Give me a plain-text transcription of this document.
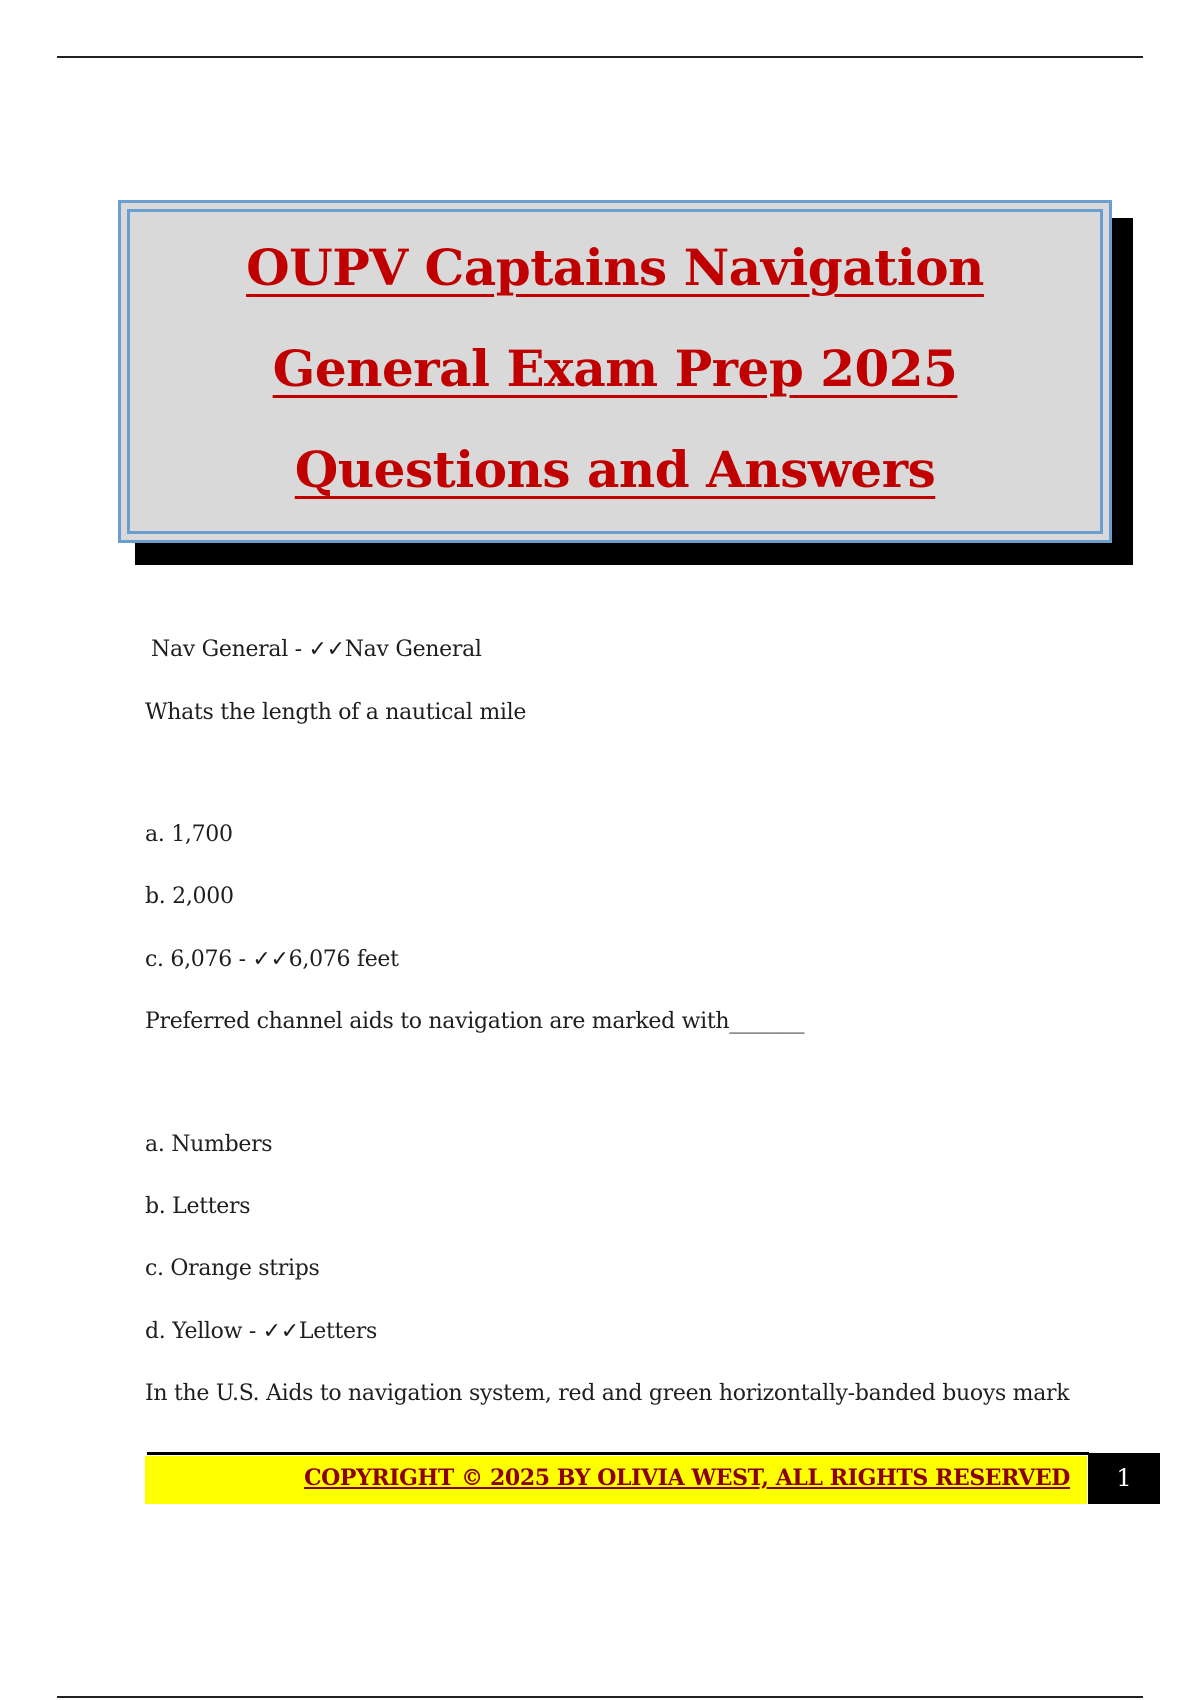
OUPV Captains Navigation General Exam Prep 2025 Questions and Answers
Nav General - ✓✓Nav General
Whats the length of a nautical mile
a. 1,700
b. 2,000
c. 6,076 - ✓✓6,076 feet
Preferred channel aids to navigation are marked with_______
a. Numbers
b. Letters
c. Orange strips
d. Yellow - ✓✓Letters
In the U.S. Aids to navigation system, red and green horizontally-banded buoys mark
COPYRIGHT © 2025 BY OLIVIA WEST, ALL RIGHTS RESERVED	1
